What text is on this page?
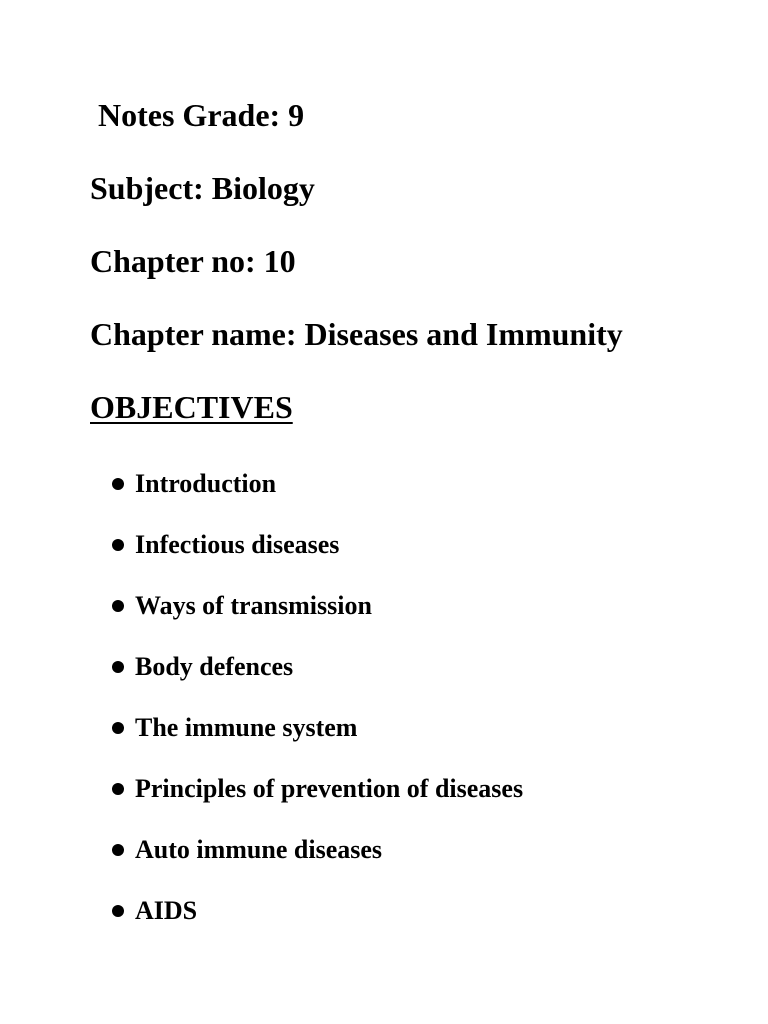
Notes Grade: 9
Subject: Biology
Chapter no: 10
Chapter name: Diseases and Immunity
OBJECTIVES
Introduction
Infectious diseases
Ways of transmission
Body defences
The immune system
Principles of prevention of diseases
Auto immune diseases
AIDS
